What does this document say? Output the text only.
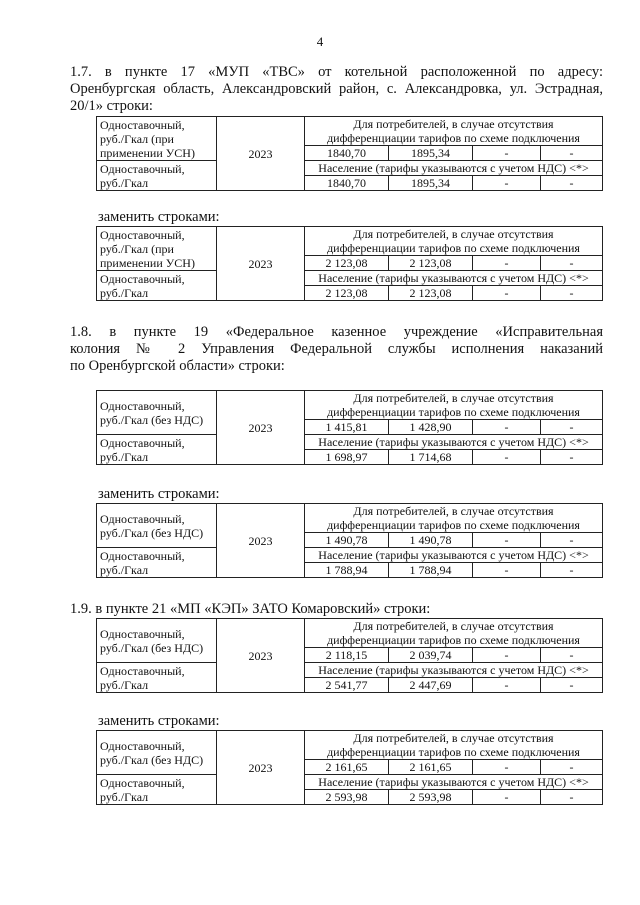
4
1.7. в пункте 17 «МУП «ТВС» от котельной расположенной по адресу:
Оренбургская область, Александровский район, с. Александровка, ул. Эстрадная,
20/1» строки:
Одноставочный,
руб./Гкал (при
применении УСН)	2023	Для потребителей, в случае отсутствия
дифференциации тарифов по схеме подключения				
		1840,70	1895,34	-	-	
Одноставочный,
руб./Гкал		Население (тарифы указываются с учетом НДС) <*>				
		1840,70	1895,34	-	-	
заменить строками:
Одноставочный,
руб./Гкал (при
применении УСН)	2023	Для потребителей, в случае отсутствия
дифференциации тарифов по схеме подключения				
		2 123,08	2 123,08	-	-	
Одноставочный,
руб./Гкал		Население (тарифы указываются с учетом НДС) <*>				
		2 123,08	2 123,08	-	-	
1.8. в пункте 19 «Федеральное казенное учреждение «Исправительная
колония № 2 Управления Федеральной службы исполнения наказаний
по Оренбургской области» строки:
Одноставочный,
руб./Гкал (без НДС)	2023	Для потребителей, в случае отсутствия
дифференциации тарифов по схеме подключения				
		1 415,81	1 428,90	-	-	
Одноставочный,
руб./Гкал		Население (тарифы указываются с учетом НДС) <*>				
		1 698,97	1 714,68	-	-	
заменить строками:
Одноставочный,
руб./Гкал (без НДС)	2023	Для потребителей, в случае отсутствия
дифференциации тарифов по схеме подключения				
		1 490,78	1 490,78	-	-	
Одноставочный,
руб./Гкал		Население (тарифы указываются с учетом НДС) <*>				
		1 788,94	1 788,94	-	-	
1.9. в пункте 21 «МП «КЭП» ЗАТО Комаровский» строки:
Одноставочный,
руб./Гкал (без НДС)	2023	Для потребителей, в случае отсутствия
дифференциации тарифов по схеме подключения				
		2 118,15	2 039,74	-	-	
Одноставочный,
руб./Гкал		Население (тарифы указываются с учетом НДС) <*>				
		2 541,77	2 447,69	-	-	
заменить строками:
Одноставочный,
руб./Гкал (без НДС)	2023	Для потребителей, в случае отсутствия
дифференциации тарифов по схеме подключения				
		2 161,65	2 161,65	-	-	
Одноставочный,
руб./Гкал		Население (тарифы указываются с учетом НДС) <*>				
		2 593,98	2 593,98	-	-	
